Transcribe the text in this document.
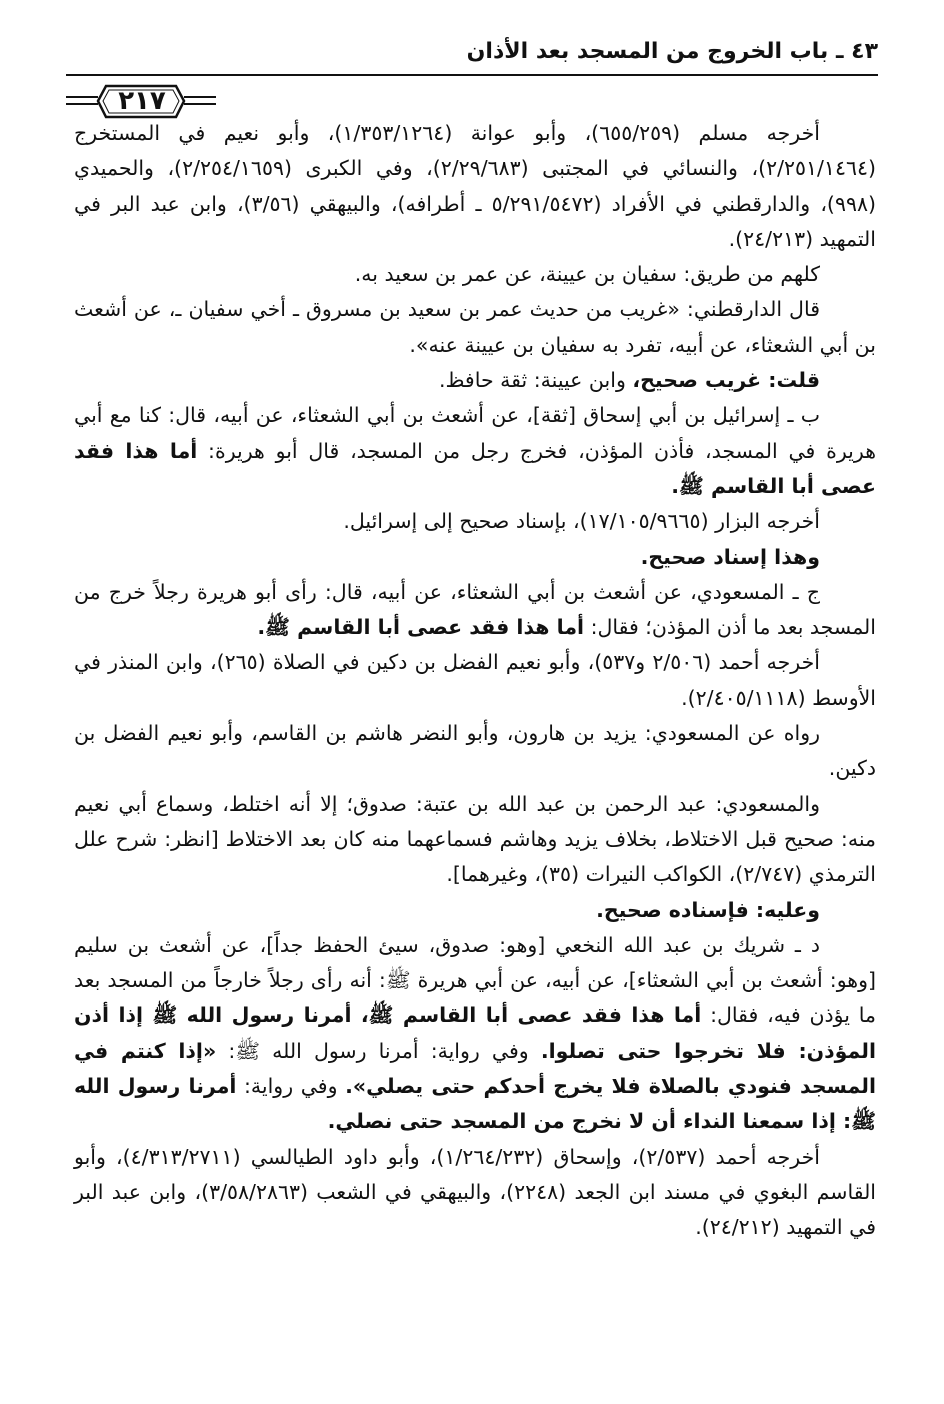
٤٣ ـ باب الخروج من المسجد بعد الأذان
٢١٧

أخرجه مسلم (٦٥٥/٢٥٩)، وأبو عوانة (١/٣٥٣/١٢٦٤)، وأبو نعيم في المستخرج (٢/٢٥١/١٤٦٤)، والنسائي في المجتبى (٢/٢٩/٦٨٣)، وفي الكبرى (٢/٢٥٤/١٦٥٩)، والحميدي (٩٩٨)، والدارقطني في الأفراد (٥/٢٩١/٥٤٧٢ ـ أطرافه)، والبيهقي (٣/٥٦)، وابن عبد البر في التمهيد (٢٤/٢١٣).

كلهم من طريق: سفيان بن عيينة، عن عمر بن سعيد به.

قال الدارقطني: «غريب من حديث عمر بن سعيد بن مسروق ـ أخي سفيان ـ، عن أشعث بن أبي الشعثاء، عن أبيه، تفرد به سفيان بن عيينة عنه».

قلت: غريب صحيح، وابن عيينة: ثقة حافظ.

ب ـ إسرائيل بن أبي إسحاق [ثقة]، عن أشعث بن أبي الشعثاء، عن أبيه، قال: كنا مع أبي هريرة في المسجد، فأذن المؤذن، فخرج رجل من المسجد، قال أبو هريرة: أما هذا فقد عصى أبا القاسم ﷺ.

أخرجه البزار (١٧/١٠٥/٩٦٦٥)، بإسناد صحيح إلى إسرائيل.

وهذا إسناد صحيح.

ج ـ المسعودي، عن أشعث بن أبي الشعثاء، عن أبيه، قال: رأى أبو هريرة رجلاً خرج من المسجد بعد ما أذن المؤذن؛ فقال: أما هذا فقد عصى أبا القاسم ﷺ.

أخرجه أحمد (٢/٥٠٦ و٥٣٧)، وأبو نعيم الفضل بن دكين في الصلاة (٢٦٥)، وابن المنذر في الأوسط (٢/٤٠٥/١١١٨).

رواه عن المسعودي: يزيد بن هارون، وأبو النضر هاشم بن القاسم، وأبو نعيم الفضل بن دكين.

والمسعودي: عبد الرحمن بن عبد الله بن عتبة: صدوق؛ إلا أنه اختلط، وسماع أبي نعيم منه: صحيح قبل الاختلاط، بخلاف يزيد وهاشم فسماعهما منه كان بعد الاختلاط [انظر: شرح علل الترمذي (٢/٧٤٧)، الكواكب النيرات (٣٥)، وغيرهما].

وعليه: فإسناده صحيح.

د ـ شريك بن عبد الله النخعي [وهو: صدوق، سيئ الحفظ جداً]، عن أشعث بن سليم [وهو: أشعث بن أبي الشعثاء]، عن أبيه، عن أبي هريرة ﷺ: أنه رأى رجلاً خارجاً من المسجد بعد ما يؤذن فيه، فقال: أما هذا فقد عصى أبا القاسم ﷺ، أمرنا رسول الله ﷺ إذا أذن المؤذن: فلا تخرجوا حتى تصلوا. وفي رواية: أمرنا رسول الله ﷺ: «إذا كنتم في المسجد فنودي بالصلاة فلا يخرج أحدكم حتى يصلي». وفي رواية: أمرنا رسول الله ﷺ: إذا سمعنا النداء أن لا نخرج من المسجد حتى نصلي.

أخرجه أحمد (٢/٥٣٧)، وإسحاق (١/٢٦٤/٢٣٢)، وأبو داود الطيالسي (٤/٣١٣/٢٧١١)، وأبو القاسم البغوي في مسند ابن الجعد (٢٢٤٨)، والبيهقي في الشعب (٣/٥٨/٢٨٦٣)، وابن عبد البر في التمهيد (٢٤/٢١٢).
